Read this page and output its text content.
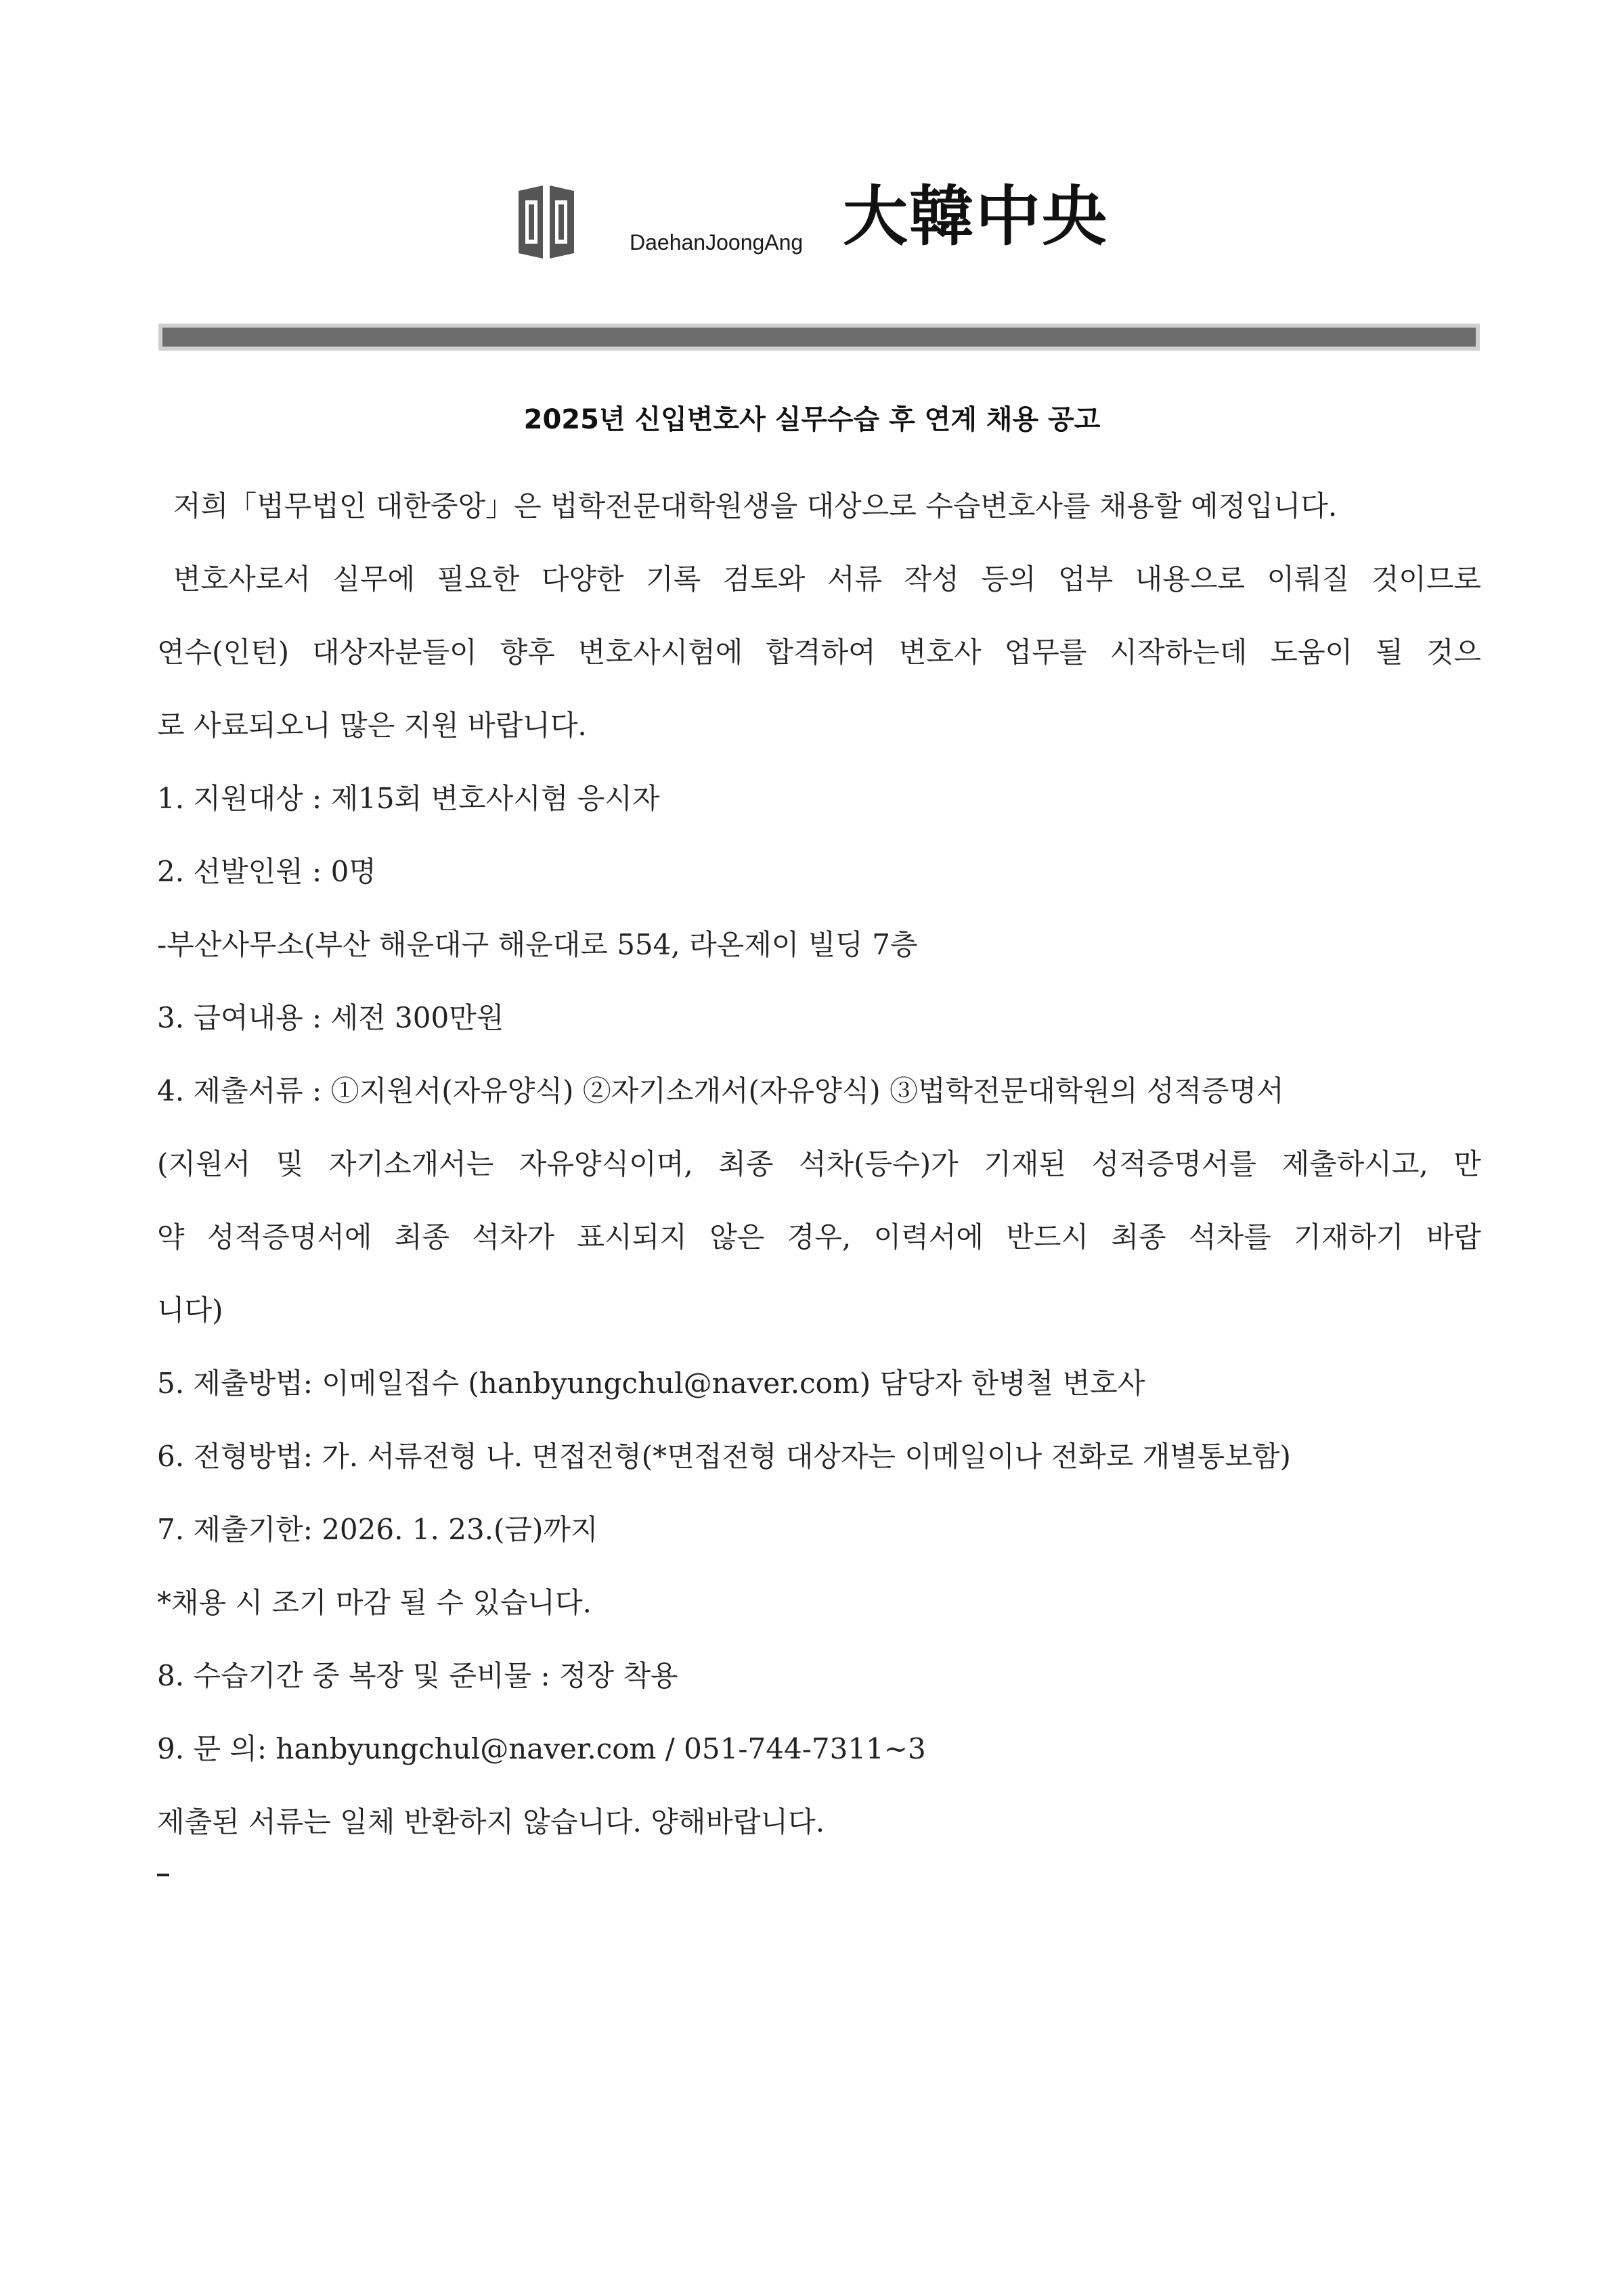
DaehanJoongAng 大韓中央
2025년 신입변호사 실무수습 후 연계 채용 공고
저희「법무법인 대한중앙」은 법학전문대학원생을 대상으로 수습변호사를 채용할 예정입니다.
변호사로서 실무에 필요한 다양한 기록 검토와 서류 작성 등의 업부 내용으로 이뤄질 것이므로
연수(인턴) 대상자분들이 향후 변호사시험에 합격하여 변호사 업무를 시작하는데 도움이 될 것으
로 사료되오니 많은 지원 바랍니다.
1. 지원대상 : 제15회 변호사시험 응시자
2. 선발인원 : 0명
-부산사무소(부산 해운대구 해운대로 554, 라온제이 빌딩 7층
3. 급여내용 : 세전 300만원
4. 제출서류 : ①지원서(자유양식) ②자기소개서(자유양식) ③법학전문대학원의 성적증명서
(지원서 및 자기소개서는 자유양식이며, 최종 석차(등수)가 기재된 성적증명서를 제출하시고, 만
약 성적증명서에 최종 석차가 표시되지 않은 경우, 이력서에 반드시 최종 석차를 기재하기 바랍
니다)
5. 제출방법: 이메일접수 (hanbyungchul@naver.com) 담당자 한병철 변호사
6. 전형방법: 가. 서류전형 나. 면접전형(*면접전형 대상자는 이메일이나 전화로 개별통보함)
7. 제출기한: 2026. 1. 23.(금)까지
*채용 시 조기 마감 될 수 있습니다.
8. 수습기간 중 복장 및 준비물 : 정장 착용
9. 문 의: hanbyungchul@naver.com / 051-744-7311~3
제출된 서류는 일체 반환하지 않습니다. 양해바랍니다.
